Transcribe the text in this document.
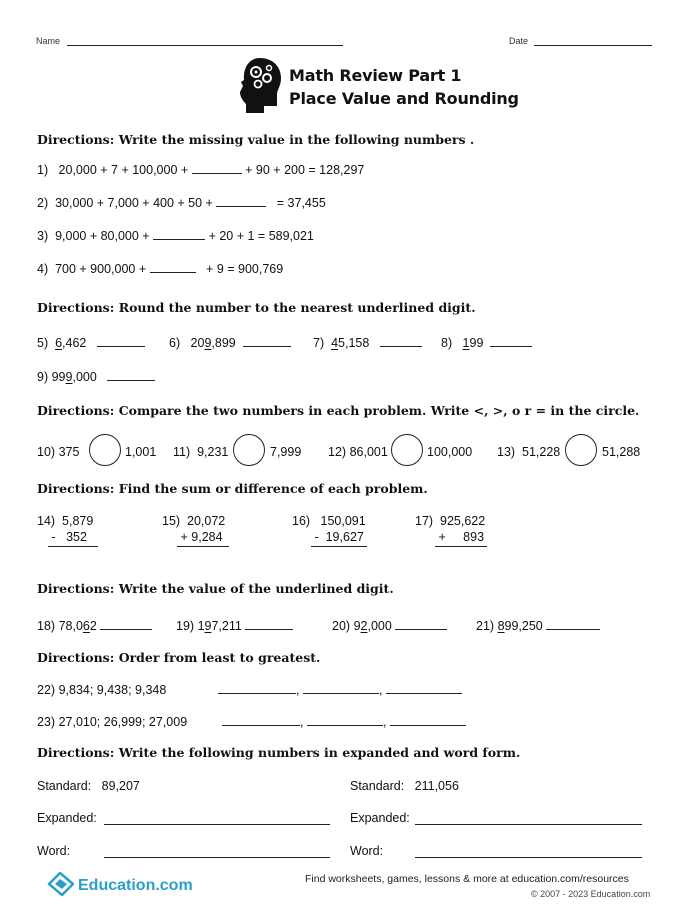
Name	Date
Math Review Part 1
Place Value and Rounding
Directions: Write the missing value in the following numbers .
1) 20,000 + 7 + 100,000 +	+ 90 + 200 = 128,297
2) 30,000 + 7,000 + 400 + 50 +	= 37,455
3) 9,000 + 80,000 +	+ 20 + 1 = 589,021
4) 700 + 900,000 +	+ 9 = 900,769
Directions: Round the number to the nearest underlined digit.
5) 6,462	6) 209,899	7) 45,158	8) 199
9) 999,000
Directions: Compare the two numbers in each problem. Write <, >, o r = in the circle.
10) 375	1,001 11) 9,231	7,999 12) 86,001	100,000 13) 51,228	51,288
Directions: Find the sum or difference of each problem.
14) 5,879
- 352
15) 20,072
+ 9,284
16) 150,091
- 19,627
17) 925,622
+ 893
Directions: Write the value of the underlined digit.
18) 78,062	19) 197,211	20) 92,000	21) 899,250
Directions: Order from least to greatest.
22) 9,834; 9,438; 9,348	,	,
23) 27,010; 26,999; 27,009	,	,
Directions: Write the following numbers in expanded and word form.
Standard: 89,207	Standard: 211,056
Expanded:	Expanded:
Word:	Word:
Education.com	Find worksheets, games, lessons & more at education.com/resources
© 2007 - 2023 Education.com
